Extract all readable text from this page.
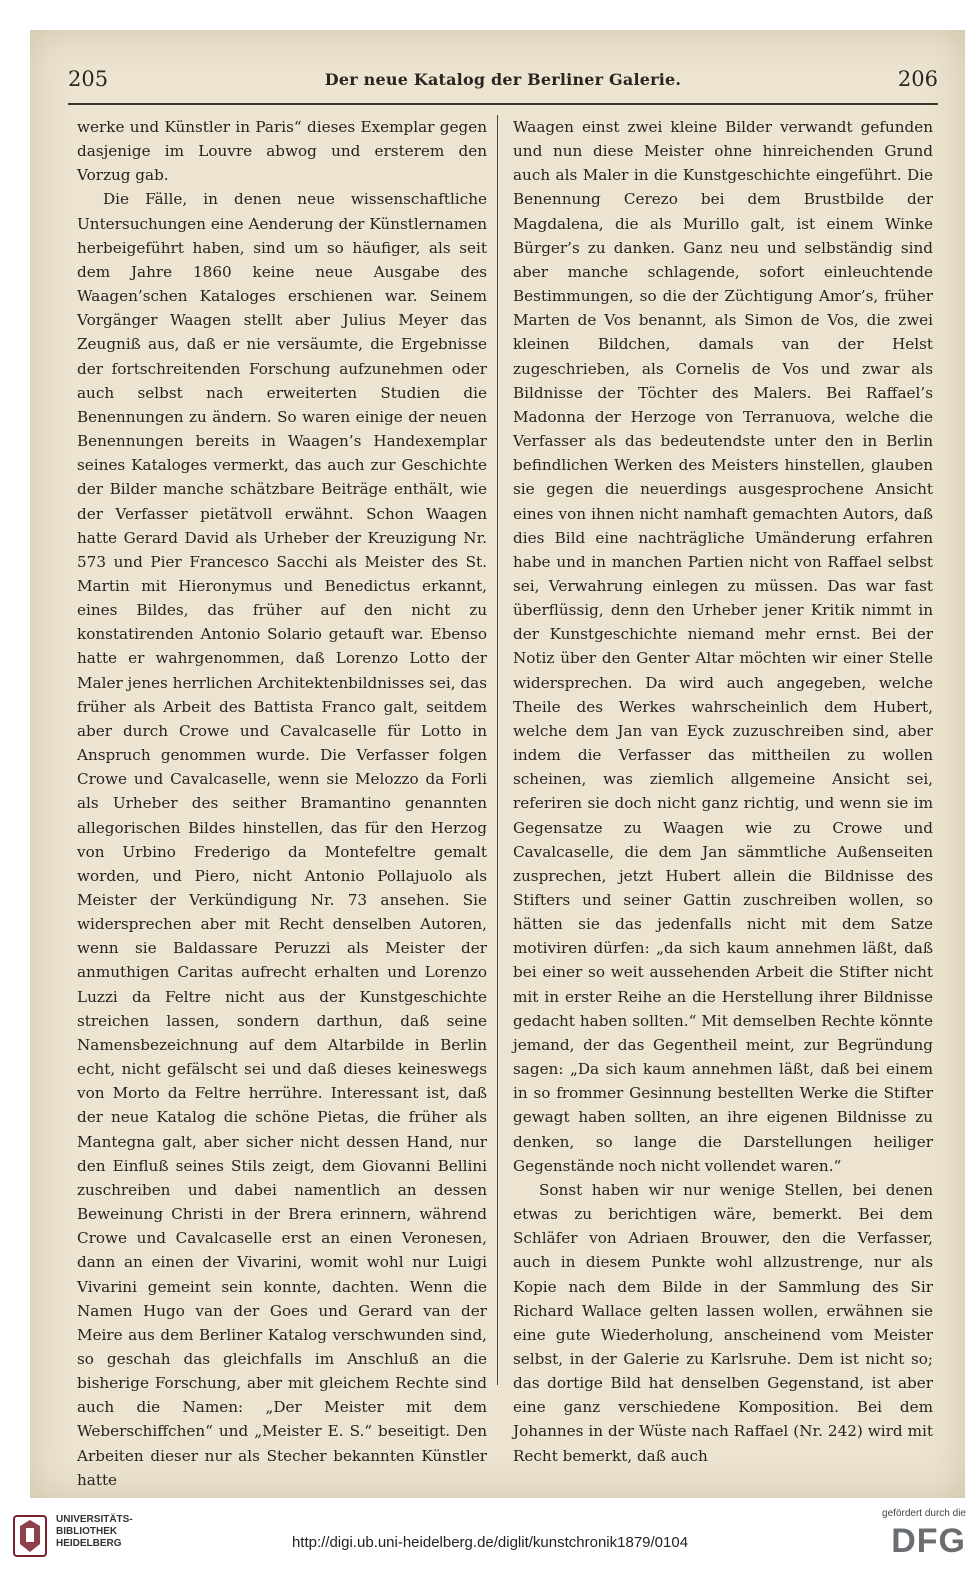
205	Der neue Katalog der Berliner Galerie.	206

werke und Künstler in Paris“ dieses Exemplar gegen dasjenige im Louvre abwog und ersterem den Vorzug gab.

Die Fälle, in denen neue wissenschaftliche Untersuchungen eine Aenderung der Künstlernamen herbeigeführt haben, sind um so häufiger, als seit dem Jahre 1860 keine neue Ausgabe des Waagen’schen Kataloges erschienen war. Seinem Vorgänger Waagen stellt aber Julius Meyer das Zeugniß aus, daß er nie versäumte, die Ergebnisse der fortschreitenden Forschung aufzunehmen oder auch selbst nach erweiterten Studien die Benennungen zu ändern. So waren einige der neuen Benennungen bereits in Waagen’s Handexemplar seines Kataloges vermerkt, das auch zur Geschichte der Bilder manche schätzbare Beiträge enthält, wie der Verfasser pietätvoll erwähnt. Schon Waagen hatte Gerard David als Urheber der Kreuzigung Nr. 573 und Pier Francesco Sacchi als Meister des St. Martin mit Hieronymus und Benedictus erkannt, eines Bildes, das früher auf den nicht zu konstatirenden Antonio Solario getauft war. Ebenso hatte er wahrgenommen, daß Lorenzo Lotto der Maler jenes herrlichen Architektenbildnisses sei, das früher als Arbeit des Battista Franco galt, seitdem aber durch Crowe und Cavalcaselle für Lotto in Anspruch genommen wurde. Die Verfasser folgen Crowe und Cavalcaselle, wenn sie Melozzo da Forli als Urheber des seither Bramantino genannten allegorischen Bildes hinstellen, das für den Herzog von Urbino Frederigo da Montefeltre gemalt worden, und Piero, nicht Antonio Pollajuolo als Meister der Verkündigung Nr. 73 ansehen. Sie widersprechen aber mit Recht denselben Autoren, wenn sie Baldassare Peruzzi als Meister der anmuthigen Caritas aufrecht erhalten und Lorenzo Luzzi da Feltre nicht aus der Kunstgeschichte streichen lassen, sondern darthun, daß seine Namensbezeichnung auf dem Altarbilde in Berlin echt, nicht gefälscht sei und daß dieses keineswegs von Morto da Feltre herrühre. Interessant ist, daß der neue Katalog die schöne Pietas, die früher als Mantegna galt, aber sicher nicht dessen Hand, nur den Einfluß seines Stils zeigt, dem Giovanni Bellini zuschreiben und dabei namentlich an dessen Beweinung Christi in der Brera erinnern, während Crowe und Cavalcaselle erst an einen Veronesen, dann an einen der Vivarini, womit wohl nur Luigi Vivarini gemeint sein konnte, dachten. Wenn die Namen Hugo van der Goes und Gerard van der Meire aus dem Berliner Katalog verschwunden sind, so geschah das gleichfalls im Anschluß an die bisherige Forschung, aber mit gleichem Rechte sind auch die Namen: „Der Meister mit dem Weberschiffchen“ und „Meister E. S.“ beseitigt. Den Arbeiten dieser nur als Stecher bekannten Künstler hatte

Waagen einst zwei kleine Bilder verwandt gefunden und nun diese Meister ohne hinreichenden Grund auch als Maler in die Kunstgeschichte eingeführt. Die Benennung Cerezo bei dem Brustbilde der Magdalena, die als Murillo galt, ist einem Winke Bürger’s zu danken. Ganz neu und selbständig sind aber manche schlagende, sofort einleuchtende Bestimmungen, so die der Züchtigung Amor’s, früher Marten de Vos benannt, als Simon de Vos, die zwei kleinen Bildchen, damals van der Helst zugeschrieben, als Cornelis de Vos und zwar als Bildnisse der Töchter des Malers. Bei Raffael’s Madonna der Herzoge von Terranuova, welche die Verfasser als das bedeutendste unter den in Berlin befindlichen Werken des Meisters hinstellen, glauben sie gegen die neuerdings ausgesprochene Ansicht eines von ihnen nicht namhaft gemachten Autors, daß dies Bild eine nachträgliche Umänderung erfahren habe und in manchen Partien nicht von Raffael selbst sei, Verwahrung einlegen zu müssen. Das war fast überflüssig, denn den Urheber jener Kritik nimmt in der Kunstgeschichte niemand mehr ernst. Bei der Notiz über den Genter Altar möchten wir einer Stelle widersprechen. Da wird auch angegeben, welche Theile des Werkes wahrscheinlich dem Hubert, welche dem Jan van Eyck zuzuschreiben sind, aber indem die Verfasser das mittheilen zu wollen scheinen, was ziemlich allgemeine Ansicht sei, referiren sie doch nicht ganz richtig, und wenn sie im Gegensatze zu Waagen wie zu Crowe und Cavalcaselle, die dem Jan sämmtliche Außenseiten zusprechen, jetzt Hubert allein die Bildnisse des Stifters und seiner Gattin zuschreiben wollen, so hätten sie das jedenfalls nicht mit dem Satze motiviren dürfen: „da sich kaum annehmen läßt, daß bei einer so weit aussehenden Arbeit die Stifter nicht mit in erster Reihe an die Herstellung ihrer Bildnisse gedacht haben sollten.“ Mit demselben Rechte könnte jemand, der das Gegentheil meint, zur Begründung sagen: „Da sich kaum annehmen läßt, daß bei einem in so frommer Gesinnung bestellten Werke die Stifter gewagt haben sollten, an ihre eigenen Bildnisse zu denken, so lange die Darstellungen heiliger Gegenstände noch nicht vollendet waren.“

Sonst haben wir nur wenige Stellen, bei denen etwas zu berichtigen wäre, bemerkt. Bei dem Schläfer von Adriaen Brouwer, den die Verfasser, auch in diesem Punkte wohl allzustrenge, nur als Kopie nach dem Bilde in der Sammlung des Sir Richard Wallace gelten lassen wollen, erwähnen sie eine gute Wiederholung, anscheinend vom Meister selbst, in der Galerie zu Karlsruhe. Dem ist nicht so; das dortige Bild hat denselben Gegenstand, ist aber eine ganz verschiedene Komposition. Bei dem Johannes in der Wüste nach Raffael (Nr. 242) wird mit Recht bemerkt, daß auch

UNIVERSITÄTS-
BIBLIOTHEK
HEIDELBERG	http://digi.ub.uni-heidelberg.de/diglit/kunstchronik1879/0104
gefördert durch die
DFG
